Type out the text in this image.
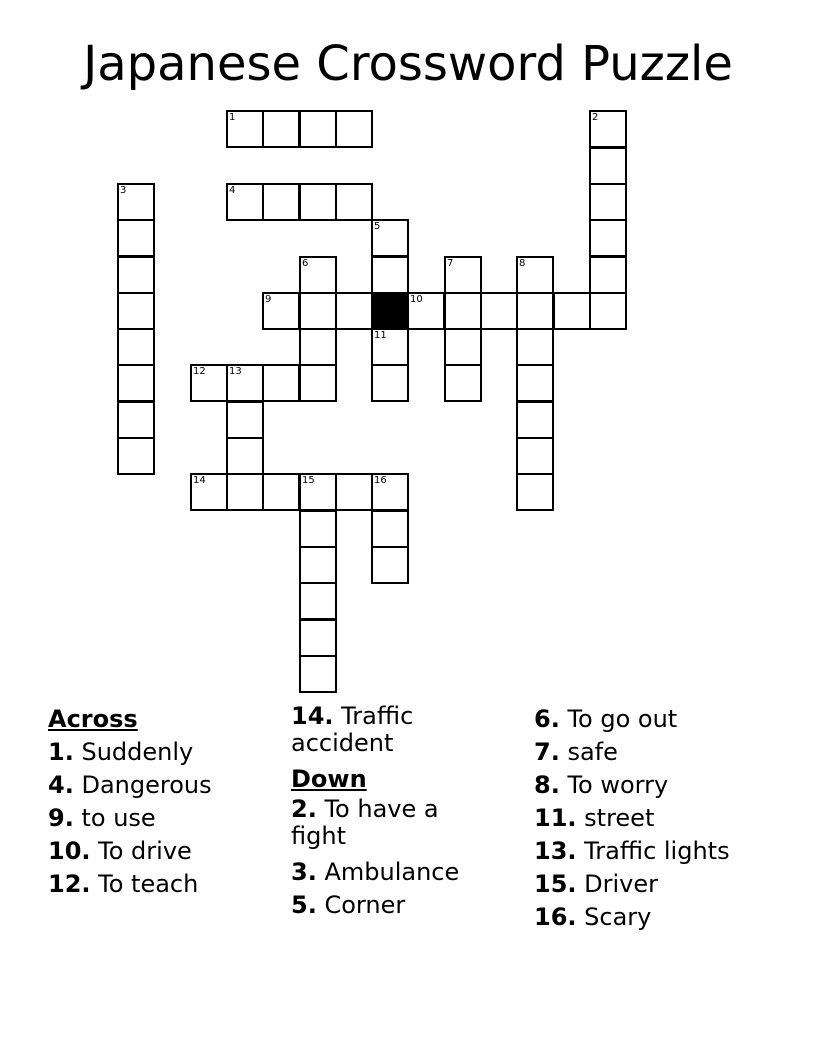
Japanese Crossword Puzzle
1	2
3	4
5
6	7	8
9	10
11
12 13
14	15	16
Across
1. Suddenly
4. Dangerous
9. to use
10. To drive
12. To teach
14. Traffic accident
Down
2. To have a fight
3. Ambulance
5. Corner
6. To go out
7. safe
8. To worry
11. street
13. Traffic lights
15. Driver
16. Scary
